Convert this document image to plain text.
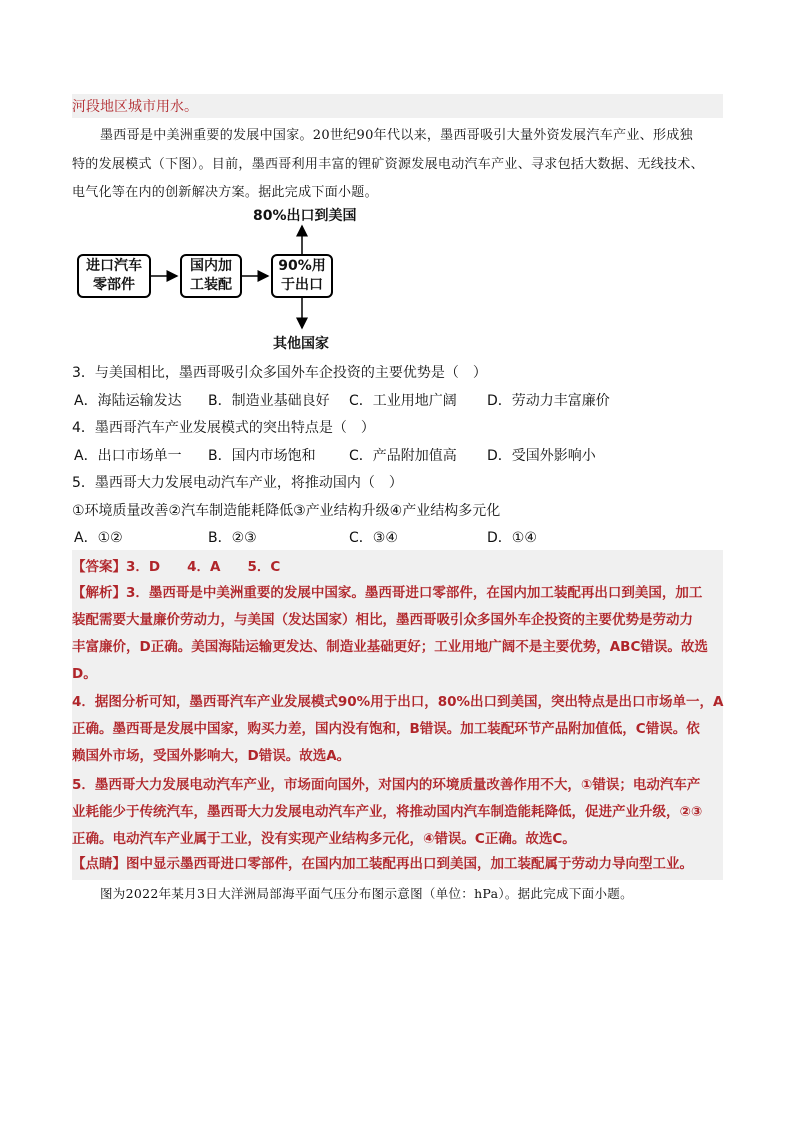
河段地区城市用水。
墨西哥是中美洲重要的发展中国家。20世纪90年代以来，墨西哥吸引大量外资发展汽车产业、形成独
特的发展模式（下图）。目前，墨西哥利用丰富的锂矿资源发展电动汽车产业、寻求包括大数据、无线技术、
电气化等在内的创新解决方案。据此完成下面小题。
进口汽车
零部件
国内加
工装配
90%用
于出口
80%出口到美国
其他国家
3．与美国相比，墨西哥吸引众多国外车企投资的主要优势是（　）
A．海陆运输发达 B．制造业基础良好 C．工业用地广阔 D．劳动力丰富廉价
4．墨西哥汽车产业发展模式的突出特点是（　）
A．出口市场单一 B．国内市场饱和 C．产品附加值高 D．受国外影响小
5．墨西哥大力发展电动汽车产业，将推动国内（　）
①环境质量改善②汽车制造能耗降低③产业结构升级④产业结构多元化
A．①②	B．②③	C．③④	D．①④
【答案】3．D　　4．A　　5．C
【解析】3．墨西哥是中美洲重要的发展中国家。墨西哥进口零部件，在国内加工装配再出口到美国，加工
装配需要大量廉价劳动力，与美国（发达国家）相比，墨西哥吸引众多国外车企投资的主要优势是劳动力
丰富廉价，D正确。美国海陆运输更发达、制造业基础更好；工业用地广阔不是主要优势，ABC错误。故选
D。
4．据图分析可知，墨西哥汽车产业发展模式90%用于出口，80%出口到美国，突出特点是出口市场单一，A
正确。墨西哥是发展中国家，购买力差，国内没有饱和，B错误。加工装配环节产品附加值低，C错误。依
赖国外市场，受国外影响大，D错误。故选A。
5．墨西哥大力发展电动汽车产业，市场面向国外，对国内的环境质量改善作用不大，①错误；电动汽车产
业耗能少于传统汽车，墨西哥大力发展电动汽车产业，将推动国内汽车制造能耗降低，促进产业升级，②③
正确。电动汽车产业属于工业，没有实现产业结构多元化，④错误。C正确。故选C。
【点睛】图中显示墨西哥进口零部件，在国内加工装配再出口到美国，加工装配属于劳动力导向型工业。
图为2022年某月3日大洋洲局部海平面气压分布图示意图（单位：hPa）。据此完成下面小题。
